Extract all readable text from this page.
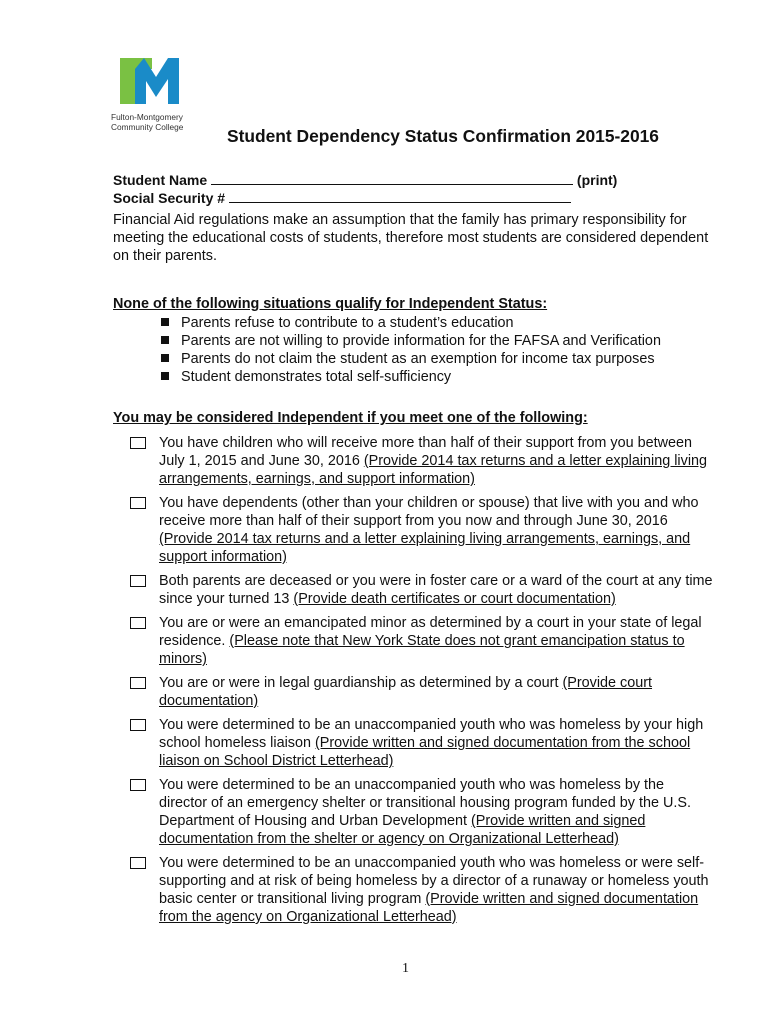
Fulton-Montgomery
Community College	Student Dependency Status Confirmation 2015-2016
Student Name	(print)
Social Security #
Financial Aid regulations make an assumption that the family has primary responsibility for meeting the educational costs of students, therefore most students are considered dependent on their parents.
None of the following situations qualify for Independent Status:
Parents refuse to contribute to a student’s education
Parents are not willing to provide information for the FAFSA and Verification
Parents do not claim the student as an exemption for income tax purposes
Student demonstrates total self-sufficiency
You may be considered Independent if you meet one of the following:
You have children who will receive more than half of their support from you between July 1, 2015 and June 30, 2016 (Provide 2014 tax returns and a letter explaining living arrangements, earnings, and support information)
You have dependents (other than your children or spouse) that live with you and who receive more than half of their support from you now and through June 30, 2016 (Provide 2014 tax returns and a letter explaining living arrangements, earnings, and support information)
Both parents are deceased or you were in foster care or a ward of the court at any time since your turned 13 (Provide death certificates or court documentation)
You are or were an emancipated minor as determined by a court in your state of legal residence. (Please note that New York State does not grant emancipation status to minors)
You are or were in legal guardianship as determined by a court (Provide court documentation)
You were determined to be an unaccompanied youth who was homeless by your high school homeless liaison (Provide written and signed documentation from the school liaison on School District Letterhead)
You were determined to be an unaccompanied youth who was homeless by the director of an emergency shelter or transitional housing program funded by the U.S. Department of Housing and Urban Development (Provide written and signed documentation from the shelter or agency on Organizational Letterhead)
You were determined to be an unaccompanied youth who was homeless or were self-supporting and at risk of being homeless by a director of a runaway or homeless youth basic center or transitional living program (Provide written and signed documentation from the agency on Organizational Letterhead)
1
